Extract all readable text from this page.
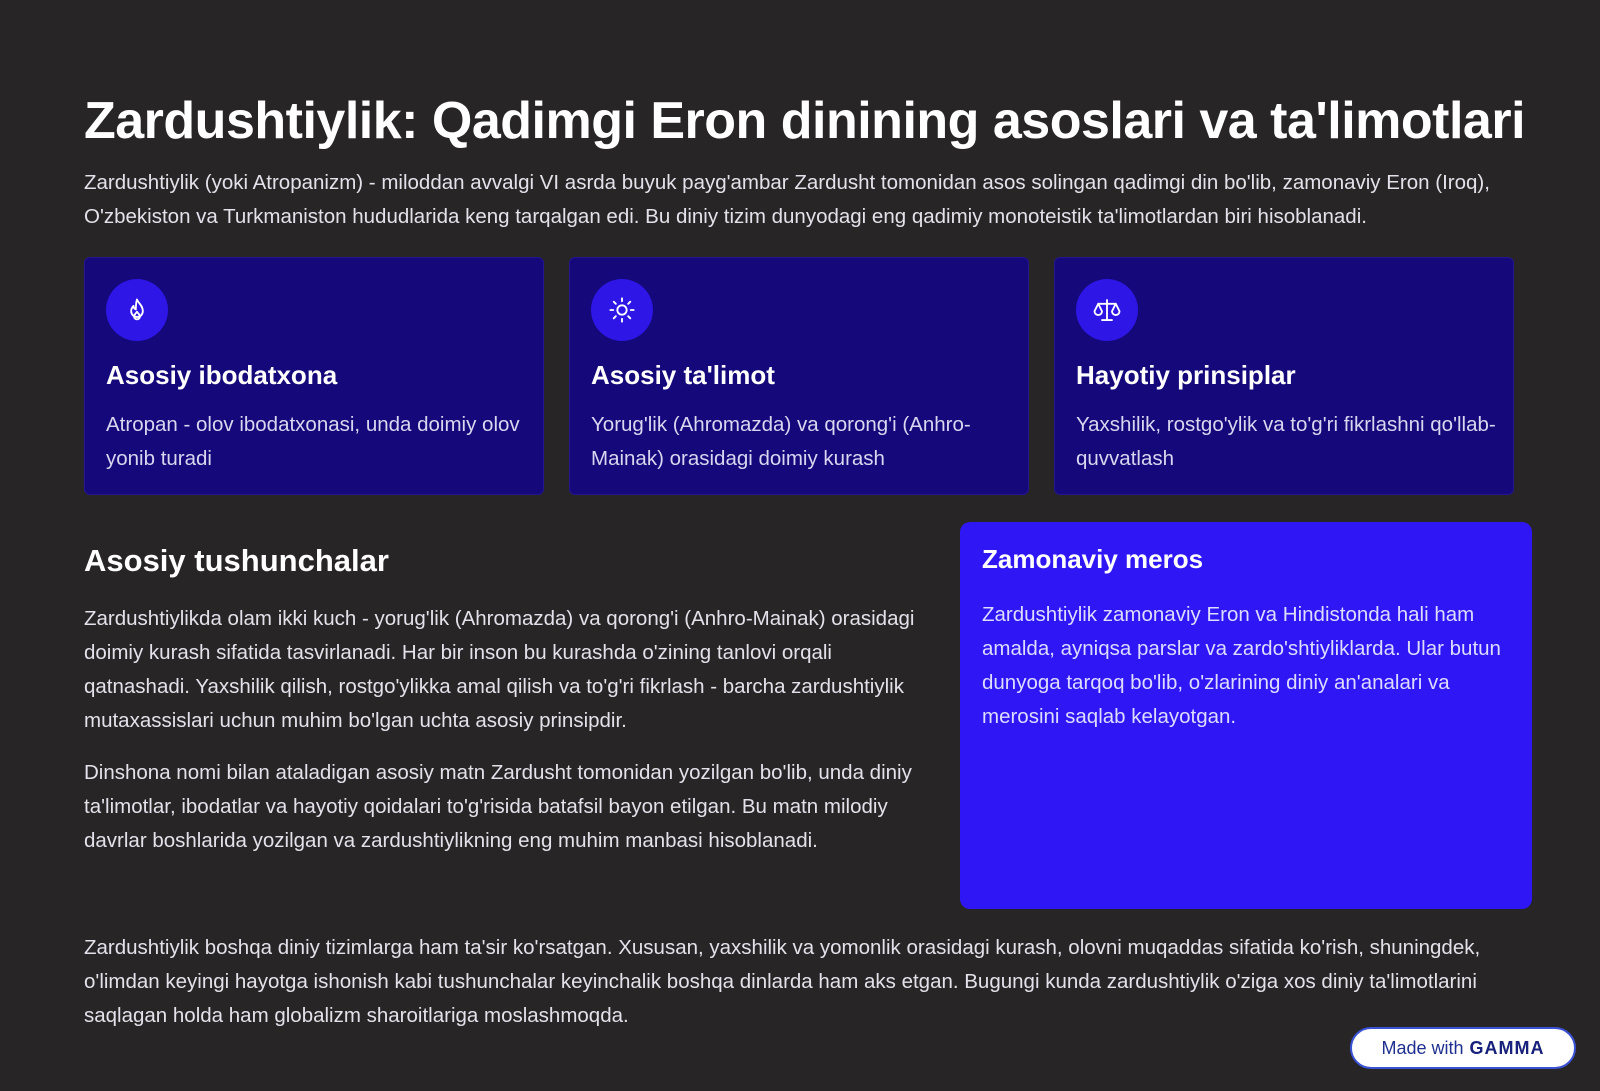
Zardushtiylik: Qadimgi Eron dinining asoslari va ta'limotlari

Zardushtiylik (yoki Atropanizm) - miloddan avvalgi VI asrda buyuk payg'ambar Zardusht tomonidan asos solingan qadimgi din bo'lib, zamonaviy Eron (Iroq), O'zbekiston va Turkmaniston hududlarida keng tarqalgan edi. Bu diniy tizim dunyodagi eng qadimiy monoteistik ta'limotlardan biri hisoblanadi.

Asosiy ibodatxona
Atropan - olov ibodatxonasi, unda doimiy olov yonib turadi
Asosiy ta'limot
Yorug'lik (Ahromazda) va qorong'i (Anhro-Mainak) orasidagi doimiy kurash
Hayotiy prinsiplar
Yaxshilik, rostgo'ylik va to'g'ri fikrlashni qo'llab-quvvatlash
Asosiy tushunchalar

Zardushtiylikda olam ikki kuch - yorug'lik (Ahromazda) va qorong'i (Anhro-Mainak) orasidagi doimiy kurash sifatida tasvirlanadi. Har bir inson bu kurashda o'zining tanlovi orqali qatnashadi. Yaxshilik qilish, rostgo'ylikka amal qilish va to'g'ri fikrlash - barcha zardushtiylik mutaxassislari uchun muhim bo'lgan uchta asosiy prinsipdir.

Dinshona nomi bilan ataladigan asosiy matn Zardusht tomonidan yozilgan bo'lib, unda diniy ta'limotlar, ibodatlar va hayotiy qoidalari to'g'risida batafsil bayon etilgan. Bu matn milodiy davrlar boshlarida yozilgan va zardushtiylikning eng muhim manbasi hisoblanadi.

Zamonaviy meros
Zardushtiylik zamonaviy Eron va Hindistonda hali ham amalda, ayniqsa parslar va zardo'shtiyliklarda. Ular butun dunyoga tarqoq bo'lib, o'zlarining diniy an'analari va merosini saqlab kelayotgan.

Zardushtiylik boshqa diniy tizimlarga ham ta'sir ko'rsatgan. Xususan, yaxshilik va yomonlik orasidagi kurash, olovni muqaddas sifatida ko'rish, shuningdek, o'limdan keyingi hayotga ishonish kabi tushunchalar keyinchalik boshqa dinlarda ham aks etgan. Bugungi kunda zardushtiylik o'ziga xos diniy ta'limotlarini saqlagan holda ham globalizm sharoitlariga moslashmoqda.

Made with GAMMA
